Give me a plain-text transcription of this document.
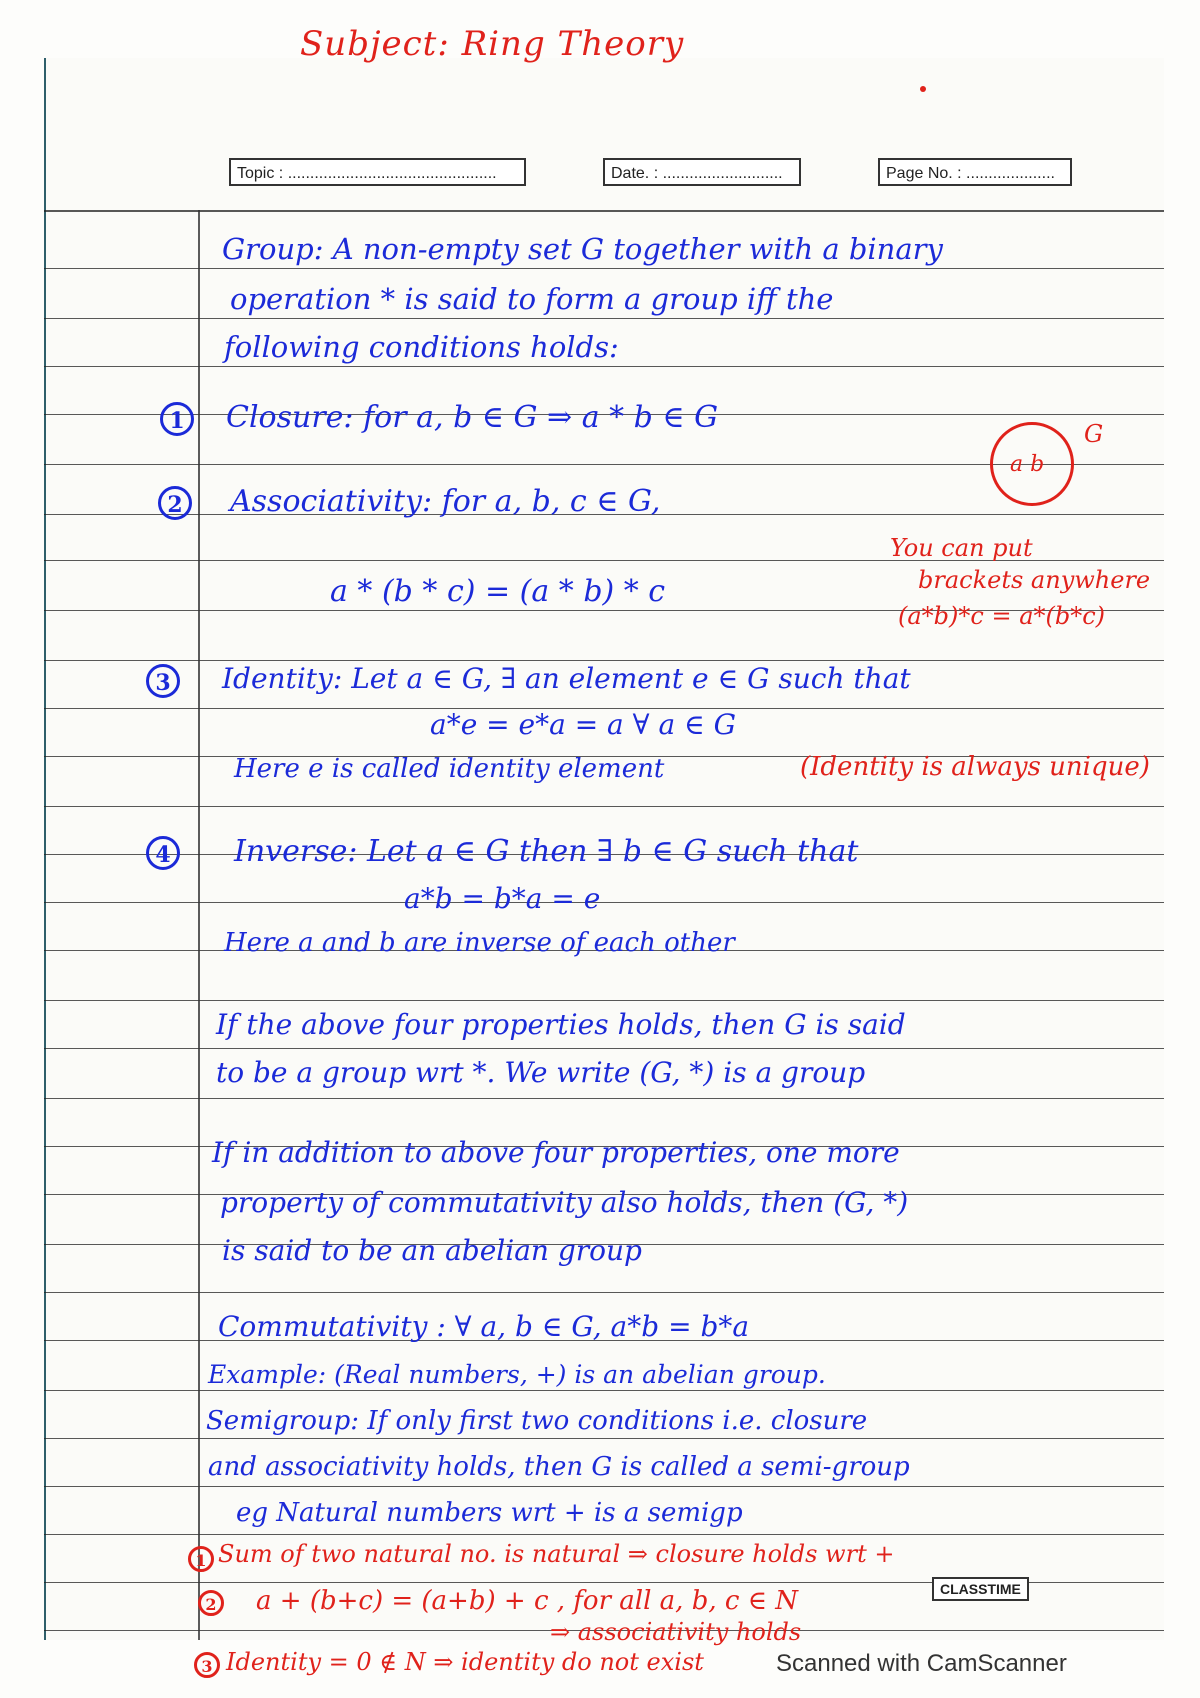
Subject: Ring Theory
Topic : ...............................................	Date. : ...........................	Page No. : ....................
Group: A non-empty set G together with a binary
operation * is said to form a group iff the
following conditions holds:
1	Closure: for a, b ∈ G ⇒ a * b ∈ G
2	Associativity: for a, b, c ∈ G,
a * (b * c) = (a * b) * c
a b
G
You can put
brackets anywhere
(a*b)*c = a*(b*c)
3	Identity: Let a ∈ G, ∃ an element e ∈ G such that
a*e = e*a = a ∀ a ∈ G
Here e is called identity element	(Identity is always unique)
4	Inverse: Let a ∈ G then ∃ b ∈ G such that
a*b = b*a = e
Here a and b are inverse of each other
If the above four properties holds, then G is said
to be a group wrt *. We write (G, *) is a group
If in addition to above four properties, one more
property of commutativity also holds, then (G, *)
is said to be an abelian group
Commutativity : ∀ a, b ∈ G, a*b = b*a
Example: (Real numbers, +) is an abelian group.
Semigroup: If only first two conditions i.e. closure
and associativity holds, then G is called a semi-group
eg Natural numbers wrt + is a semigp
1 Sum of two natural no. is natural ⇒ closure holds wrt +
2 a + (b+c) = (a+b) + c , for all a, b, c ∈ N
⇒ associativity holds
3 Identity = 0 ∉ N ⇒ identity do not exist
CLASSTIME
Scanned with CamScanner
